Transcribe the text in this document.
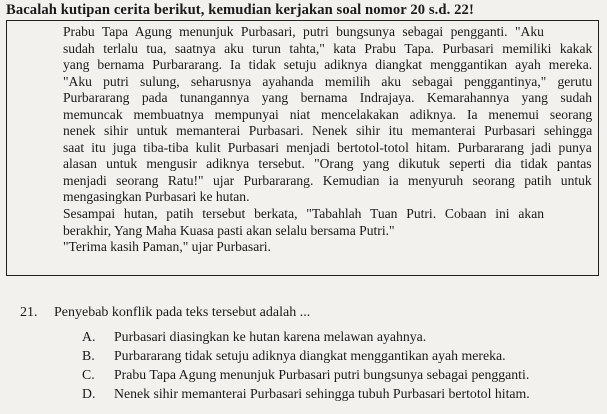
Bacalah kutipan cerita berikut, kemudian kerjakan soal nomor 20 s.d. 22!

Prabu Tapa Agung menunjuk Purbasari, putri bungsunya sebagai pengganti. "Aku
sudah terlalu tua, saatnya aku turun tahta," kata Prabu Tapa. Purbasari memiliki kakak
yang bernama Purbararang. Ia tidak setuju adiknya diangkat menggantikan ayah mereka.
"Aku putri sulung, seharusnya ayahanda memilih aku sebagai penggantinya," gerutu
Purbararang pada tunangannya yang bernama Indrajaya. Kemarahannya yang sudah
memuncak membuatnya mempunyai niat mencelakakan adiknya. Ia menemui seorang
nenek sihir untuk memanterai Purbasari. Nenek sihir itu memanterai Purbasari sehingga
saat itu juga tiba-tiba kulit Purbasari menjadi bertotol-totol hitam. Purbararang jadi punya
alasan untuk mengusir adiknya tersebut. "Orang yang dikutuk seperti dia tidak pantas
menjadi seorang Ratu!" ujar Purbararang. Kemudian ia menyuruh seorang patih untuk
mengasingkan Purbasari ke hutan.

Sesampai hutan, patih tersebut berkata, "Tabahlah Tuan Putri. Cobaan ini akan
berakhir, Yang Maha Kuasa pasti akan selalu bersama Putri."

"Terima kasih Paman," ujar Purbasari.

21. Penyebab konflik pada teks tersebut adalah ...
A.	Purbasari diasingkan ke hutan karena melawan ayahnya.
B.	Purbararang tidak setuju adiknya diangkat menggantikan ayah mereka.
C.	Prabu Tapa Agung menunjuk Purbasari putri bungsunya sebagai pengganti.
D.	Nenek sihir memanterai Purbasari sehingga tubuh Purbasari bertotol hitam.
